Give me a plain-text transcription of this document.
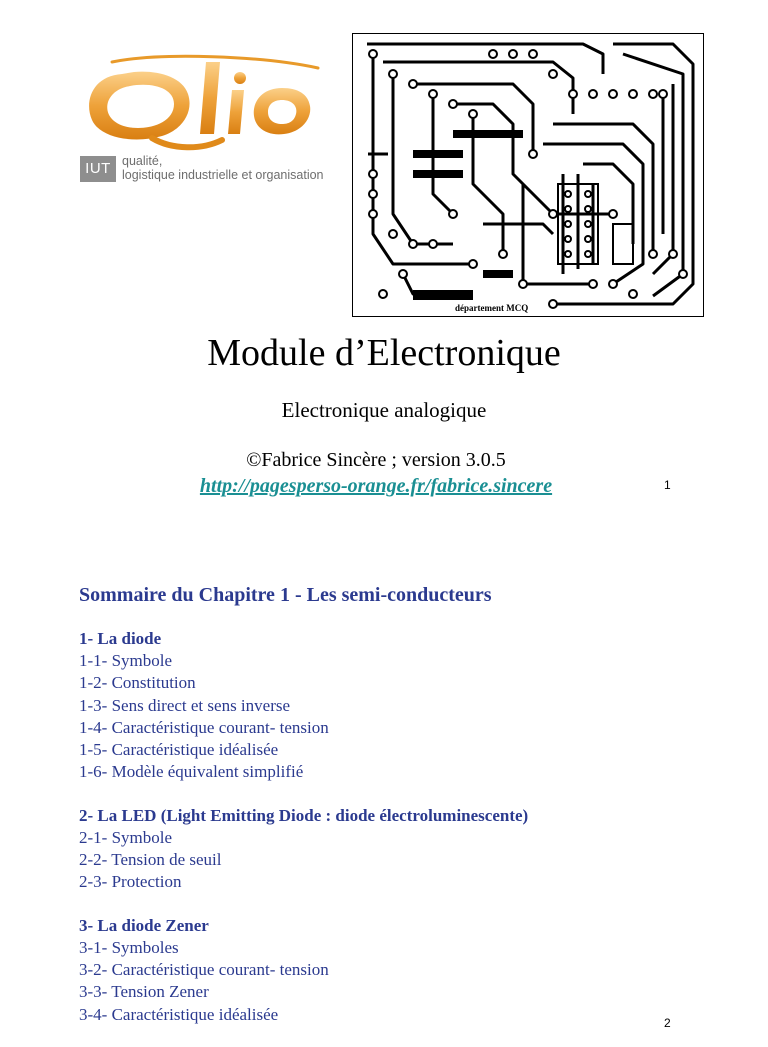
IUT qualité,
logistique industrielle et organisation
département MCQ
Module d’Electronique
Electronique analogique
©Fabrice Sincère ; version 3.0.5
http://pagesperso-orange.fr/fabrice.sincere	1
2
Sommaire du Chapitre 1 - Les semi-conducteurs
1- La diode
1-1- Symbole
1-2- Constitution
1-3- Sens direct et sens inverse
1-4- Caractéristique courant- tension
1-5- Caractéristique idéalisée
1-6- Modèle équivalent simplifié
2- La LED (Light Emitting Diode : diode électroluminescente)
2-1- Symbole
2-2- Tension de seuil
2-3- Protection
3- La diode Zener
3-1- Symboles
3-2- Caractéristique courant- tension
3-3- Tension Zener
3-4- Caractéristique idéalisée
